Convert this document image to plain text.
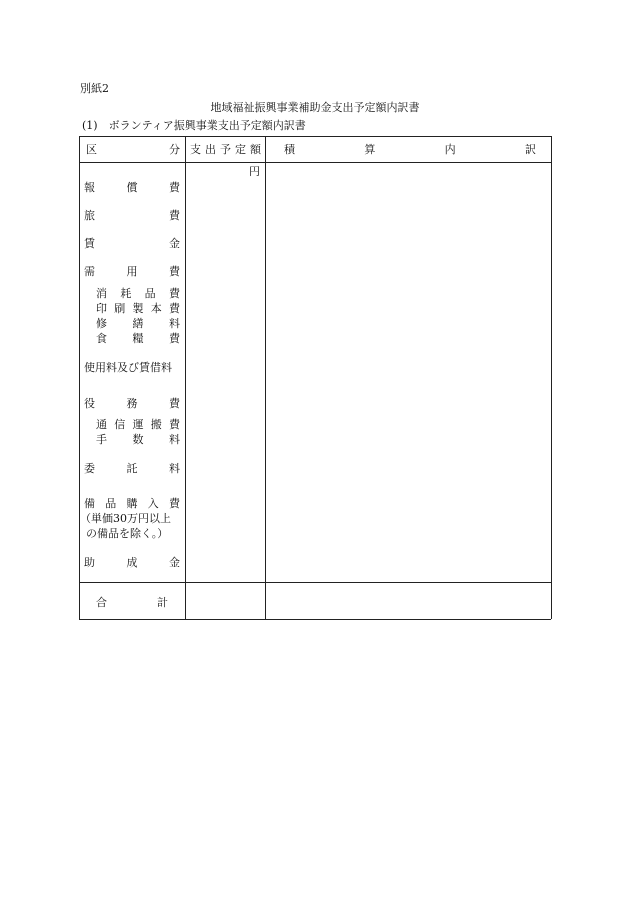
別紙2
地域福祉振興事業補助金支出予定額内訳書
(1)　ボランティア振興事業支出予定額内訳書
区	分 支 出 予 定 額 積	算	内	訳
円
報	償	費
旅	費
賃	金
需	用	費
消 耗 品 費
印 刷 製 本 費
修 繕 料
食 糧 費
使用料及び賃借料
役	務	費
通 信 運 搬 費
手 数 料
委	託	料
備 品 購 入 費
（単価30万円以上
の備品を除く。）
助	成	金
合	計
